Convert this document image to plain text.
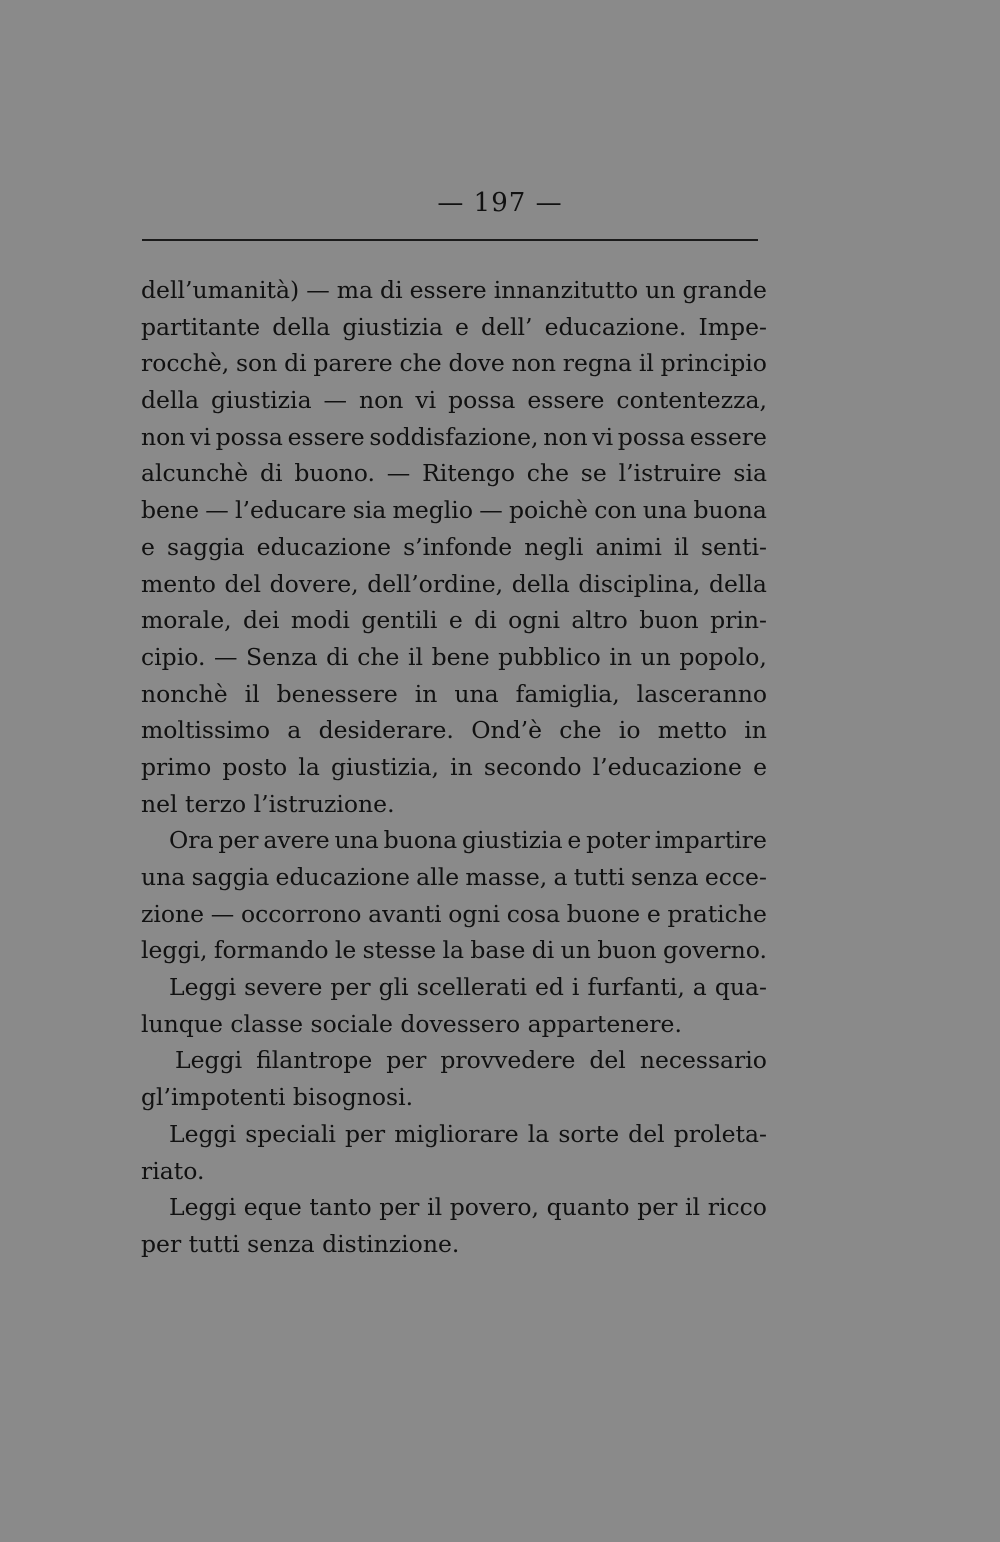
— 197 —
dell’umanità) — ma di essere innanzitutto un grande
partitante della giustizia e dell’ educazione. Impe-
rocchè, son di parere che dove non regna il principio
della giustizia — non vi possa essere contentezza,
non vi possa essere soddisfazione, non vi possa essere
alcunchè di buono. — Ritengo che se l’istruire sia
bene — l’educare sia meglio — poichè con una buona
e saggia educazione s’infonde negli animi il senti-
mento del dovere, dell’ordine, della disciplina, della
morale, dei modi gentili e di ogni altro buon prin-
cipio. — Senza di che il bene pubblico in un popolo,
nonchè il benessere in una famiglia, lasceranno
moltissimo a desiderare. Ond’è che io metto in
primo posto la giustizia, in secondo l’educazione e
nel terzo l’istruzione.
Ora per avere una buona giustizia e poter impartire
una saggia educazione alle masse, a tutti senza ecce-
zione — occorrono avanti ogni cosa buone e pratiche
leggi, formando le stesse la base di un buon governo.
Leggi severe per gli scellerati ed i furfanti, a qua-
lunque classe sociale dovessero appartenere.
Leggi filantrope per provvedere del necessario
gl’impotenti bisognosi.
Leggi speciali per migliorare la sorte del proleta-
riato.
Leggi eque tanto per il povero, quanto per il ricco
per tutti senza distinzione.
